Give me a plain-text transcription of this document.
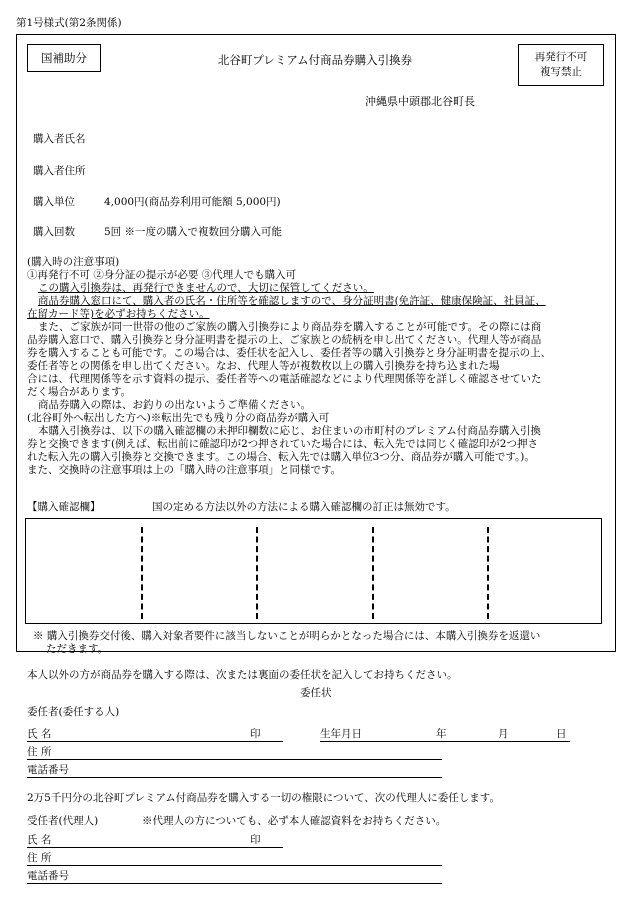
第1号様式(第2条関係)
国補助分	北谷町プレミアム付商品券購入引換券	再発行不可
複写禁止
沖縄県中頭郡北谷町長
購入者氏名
購入者住所
購入単位	4,000円(商品券利用可能額 5,000円)
購入回数	5回 ※一度の購入で複数回分購入可能
(購入時の注意事項)
①再発行不可 ②身分証の提示が必要 ③代理人でも購入可
この購入引換券は、再発行できませんので、大切に保管してください。
商品券購入窓口にて、購入者の氏名・住所等を確認しますので、身分証明書(免許証、健康保険証、社員証、
在留カード等)を必ずお持ちください。
また、ご家族が同一世帯の他のご家族の購入引換券により商品券を購入することが可能です。その際には商
品券購入窓口で、購入引換券と身分証明書を提示の上、ご家族との続柄を申し出てください。代理人等が商品
券を購入することも可能です。この場合は、委任状を記入し、委任者等の購入引換券と身分証明書を提示の上、
委任者等との関係を申し出てください。なお、代理人等が複数枚以上の購入引換券を持ち込まれた場
合には、代理関係等を示す資料の提示、委任者等への電話確認などにより代理関係等を詳しく確認させていた
だく場合があります。
商品券購入の際は、お釣りの出ないようご準備ください。
(北谷町外へ転出した方へ)※転出先でも残り分の商品券が購入可
本購入引換券は、以下の購入確認欄の未押印欄数に応じ、お住まいの市町村のプレミアム付商品券購入引換
券と交換できます(例えば、転出前に確認印が2つ押されていた場合には、転入先では同じく確認印が2つ押さ
れた転入先の購入引換券と交換できます。この場合、転入先では購入単位3つ分、商品券が購入可能です。)。
また、交換時の注意事項は上の「購入時の注意事項」と同様です。
【購入確認欄】	国の定める方法以外の方法による購入確認欄の訂正は無効です。
※ 購入引換券交付後、購入対象者要件に該当しないことが明らかとなった場合には、本購入引換券を返還い
ただきます。
本人以外の方が商品券を購入する際は、次または裏面の委任状を記入してお持ちください。
委任状
委任者(委任する人)
氏 名	印	生年月日	年	月	日
住 所
電話番号
2万5千円分の北谷町プレミアム付商品券を購入する一切の権限について、次の代理人に委任します。
受任者(代理人)	※代理人の方についても、必ず本人確認資料をお持ちください。
氏 名	印
住 所
電話番号
